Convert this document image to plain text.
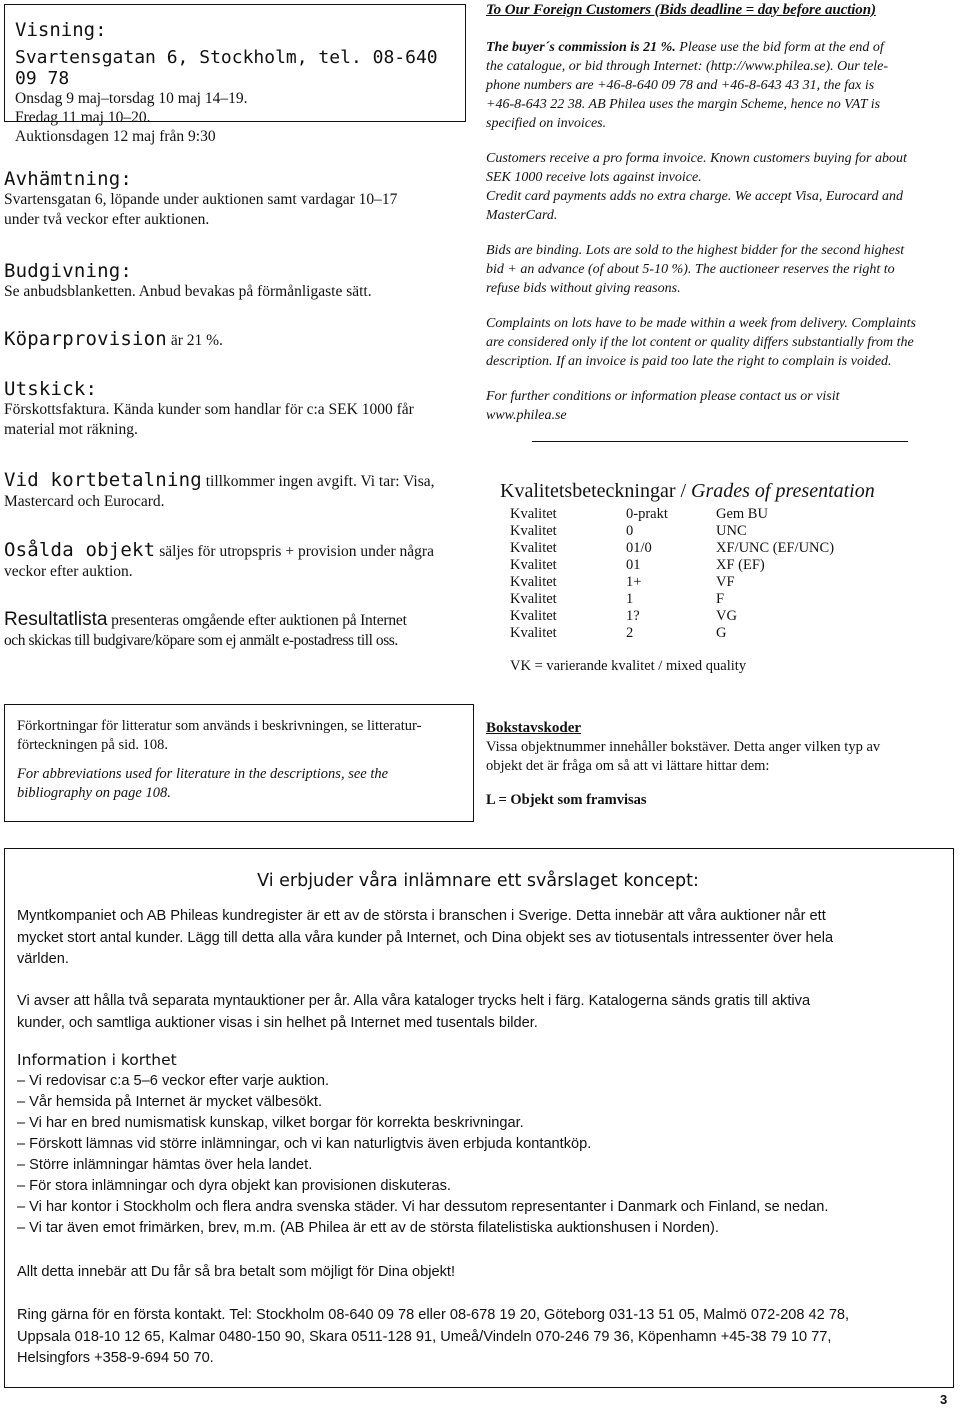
Visning:
Svartensgatan 6, Stockholm, tel. 08-640 09 78
Onsdag 9 maj–torsdag 10 maj 14–19.
Fredag 11 maj 10–20.
Auktionsdagen 12 maj från 9:30
Avhämtning:
Svartensgatan 6, löpande under auktionen samt vardagar 10–17
under två veckor efter auktionen.
Budgivning:
Se anbudsblanketten. Anbud bevakas på förmånligaste sätt.
Köparprovision är 21 %.
Utskick:
Förskottsfaktura. Kända kunder som handlar för c:a SEK 1000 får
material mot räkning.
Vid kortbetalning tillkommer ingen avgift. Vi tar: Visa,
Mastercard och Eurocard.
Osålda objekt säljes för utropspris + provision under några
veckor efter auktion.
Resultatlista presenteras omgående efter auktionen på Internet
och skickas till budgivare/köpare som ej anmält e-postadress till oss.
To Our Foreign Customers (Bids deadline = day before auction)
The buyer´s commission is 21 %. Please use the bid form at the end of
the catalogue, or bid through Internet: (http://www.philea.se). Our tele-
phone numbers are +46-8-640 09 78 and +46-8-643 43 31, the fax is
+46-8-643 22 38. AB Philea uses the margin Scheme, hence no VAT is
specified on invoices.
Customers receive a pro forma invoice. Known customers buying for about
SEK 1000 receive lots against invoice.
Credit card payments adds no extra charge. We accept Visa, Eurocard and
MasterCard.
Bids are binding. Lots are sold to the highest bidder for the second highest
bid + an advance (of about 5-10 %). The auctioneer reserves the right to
refuse bids without giving reasons.
Complaints on lots have to be made within a week from delivery. Complaints
are considered only if the lot content or quality differs substantially from the
description. If an invoice is paid too late the right to complain is voided.
For further conditions or information please contact us or visit
www.philea.se
Kvalitetsbeteckningar / Grades of presentation
Kvalitet	0-prakt	Gem BU
Kvalitet	0	UNC
Kvalitet	01/0	XF/UNC (EF/UNC)
Kvalitet	01	XF (EF)
Kvalitet	1+	VF
Kvalitet	1	F
Kvalitet	1?	VG
Kvalitet	2	G
VK = varierande kvalitet / mixed quality
Förkortningar för litteratur som används i beskrivningen, se litteratur-
förteckningen på sid. 108.
For abbreviations used for literature in the descriptions, see the
bibliography on page 108.
Bokstavskoder
Vissa objektnummer innehåller bokstäver. Detta anger vilken typ av
objekt det är fråga om så att vi lättare hittar dem:
L = Objekt som framvisas
Vi erbjuder våra inlämnare ett svårslaget koncept:
Myntkompaniet och AB Phileas kundregister är ett av de största i branschen i Sverige. Detta innebär att våra auktioner når ett
mycket stort antal kunder. Lägg till detta alla våra kunder på Internet, och Dina objekt ses av tiotusentals intressenter över hela
världen.
Vi avser att hålla två separata myntauktioner per år. Alla våra kataloger trycks helt i färg. Katalogerna sänds gratis till aktiva
kunder, och samtliga auktioner visas i sin helhet på Internet med tusentals bilder.
Information i korthet
– Vi redovisar c:a 5–6 veckor efter varje auktion.
– Vår hemsida på Internet är mycket välbesökt.
– Vi har en bred numismatisk kunskap, vilket borgar för korrekta beskrivningar.
– Förskott lämnas vid större inlämningar, och vi kan naturligtvis även erbjuda kontantköp.
– Större inlämningar hämtas över hela landet.
– För stora inlämningar och dyra objekt kan provisionen diskuteras.
– Vi har kontor i Stockholm och flera andra svenska städer. Vi har dessutom representanter i Danmark och Finland, se nedan.
– Vi tar även emot frimärken, brev, m.m. (AB Philea är ett av de största filatelistiska auktionshusen i Norden).
Allt detta innebär att Du får så bra betalt som möjligt för Dina objekt!
Ring gärna för en första kontakt. Tel: Stockholm 08-640 09 78 eller 08-678 19 20, Göteborg 031-13 51 05, Malmö 072-208 42 78,
Uppsala 018-10 12 65, Kalmar 0480-150 90, Skara 0511-128 91, Umeå/Vindeln 070-246 79 36, Köpenhamn +45-38 79 10 77,
Helsingfors +358-9-694 50 70.
3
